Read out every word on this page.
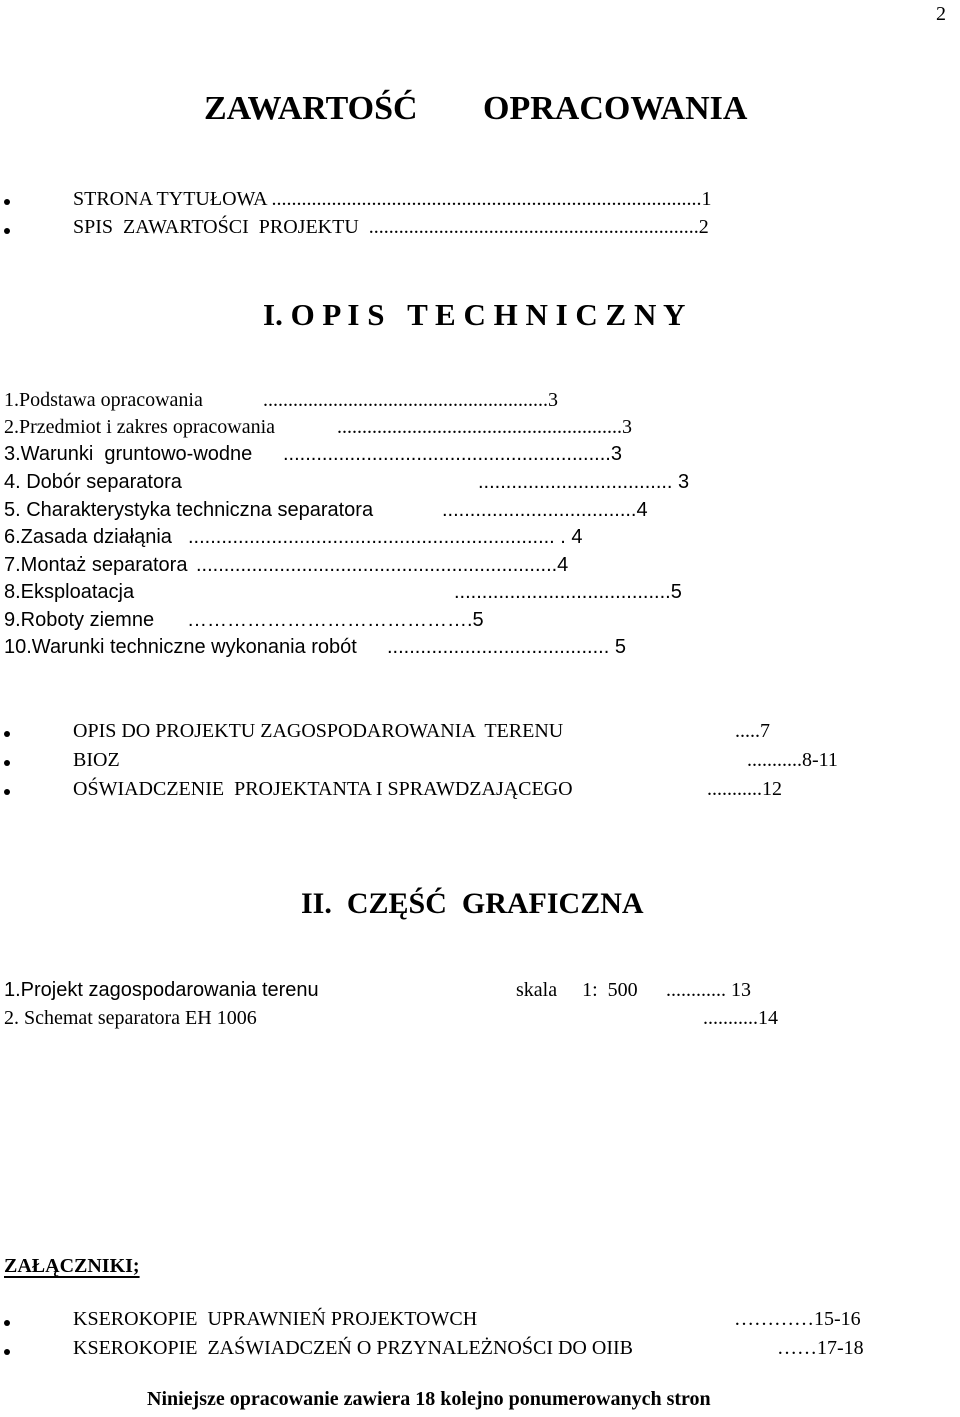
2
ZAWARTOŚĆ OPRACOWANIA
STRONA TYTUŁOWA ......................................................................................1
SPIS  ZAWARTOŚCI  PROJEKTU  ..................................................................2
I. O P I S   T E C H N I C Z N Y
1.Podstawa opracowania	.........................................................3
2.Przedmiot i zakres opracowania	.........................................................3
3.Warunki  gruntowo-wodne ...........................................................3
4. Dobór separatora	................................... 3
5. Charakterystyka techniczna separatora	...................................4
6.Zasada działąnia .................................................................. . 4
7.Montaż separatora .................................................................4
8.Eksploatacja	.......................................5
9.Roboty ziemne …………………………………….5
10.Warunki techniczne wykonania robót ........................................ 5
OPIS DO PROJEKTU ZAGOSPODAROWANIA  TERENU	.....7
BIOZ	...........8-11
OŚWIADCZENIE  PROJEKTANTA I SPRAWDZAJĄCEGO	...........12
II.  CZĘŚĆ  GRAFICZNA
1.Projekt zagospodarowania terenu	skala     1:  500 ............ 13
2. Schemat separatora EH 1006	...........14
ZAŁĄCZNIKI;
KSEROKOPIE  UPRAWNIEŃ PROJEKTOWCH	…………15-16
KSEROKOPIE  ZAŚWIADCZEŃ O PRZYNALEŻNOŚCI DO OIIB	……17-18
Niniejsze opracowanie zawiera 18 kolejno ponumerowanych stron
